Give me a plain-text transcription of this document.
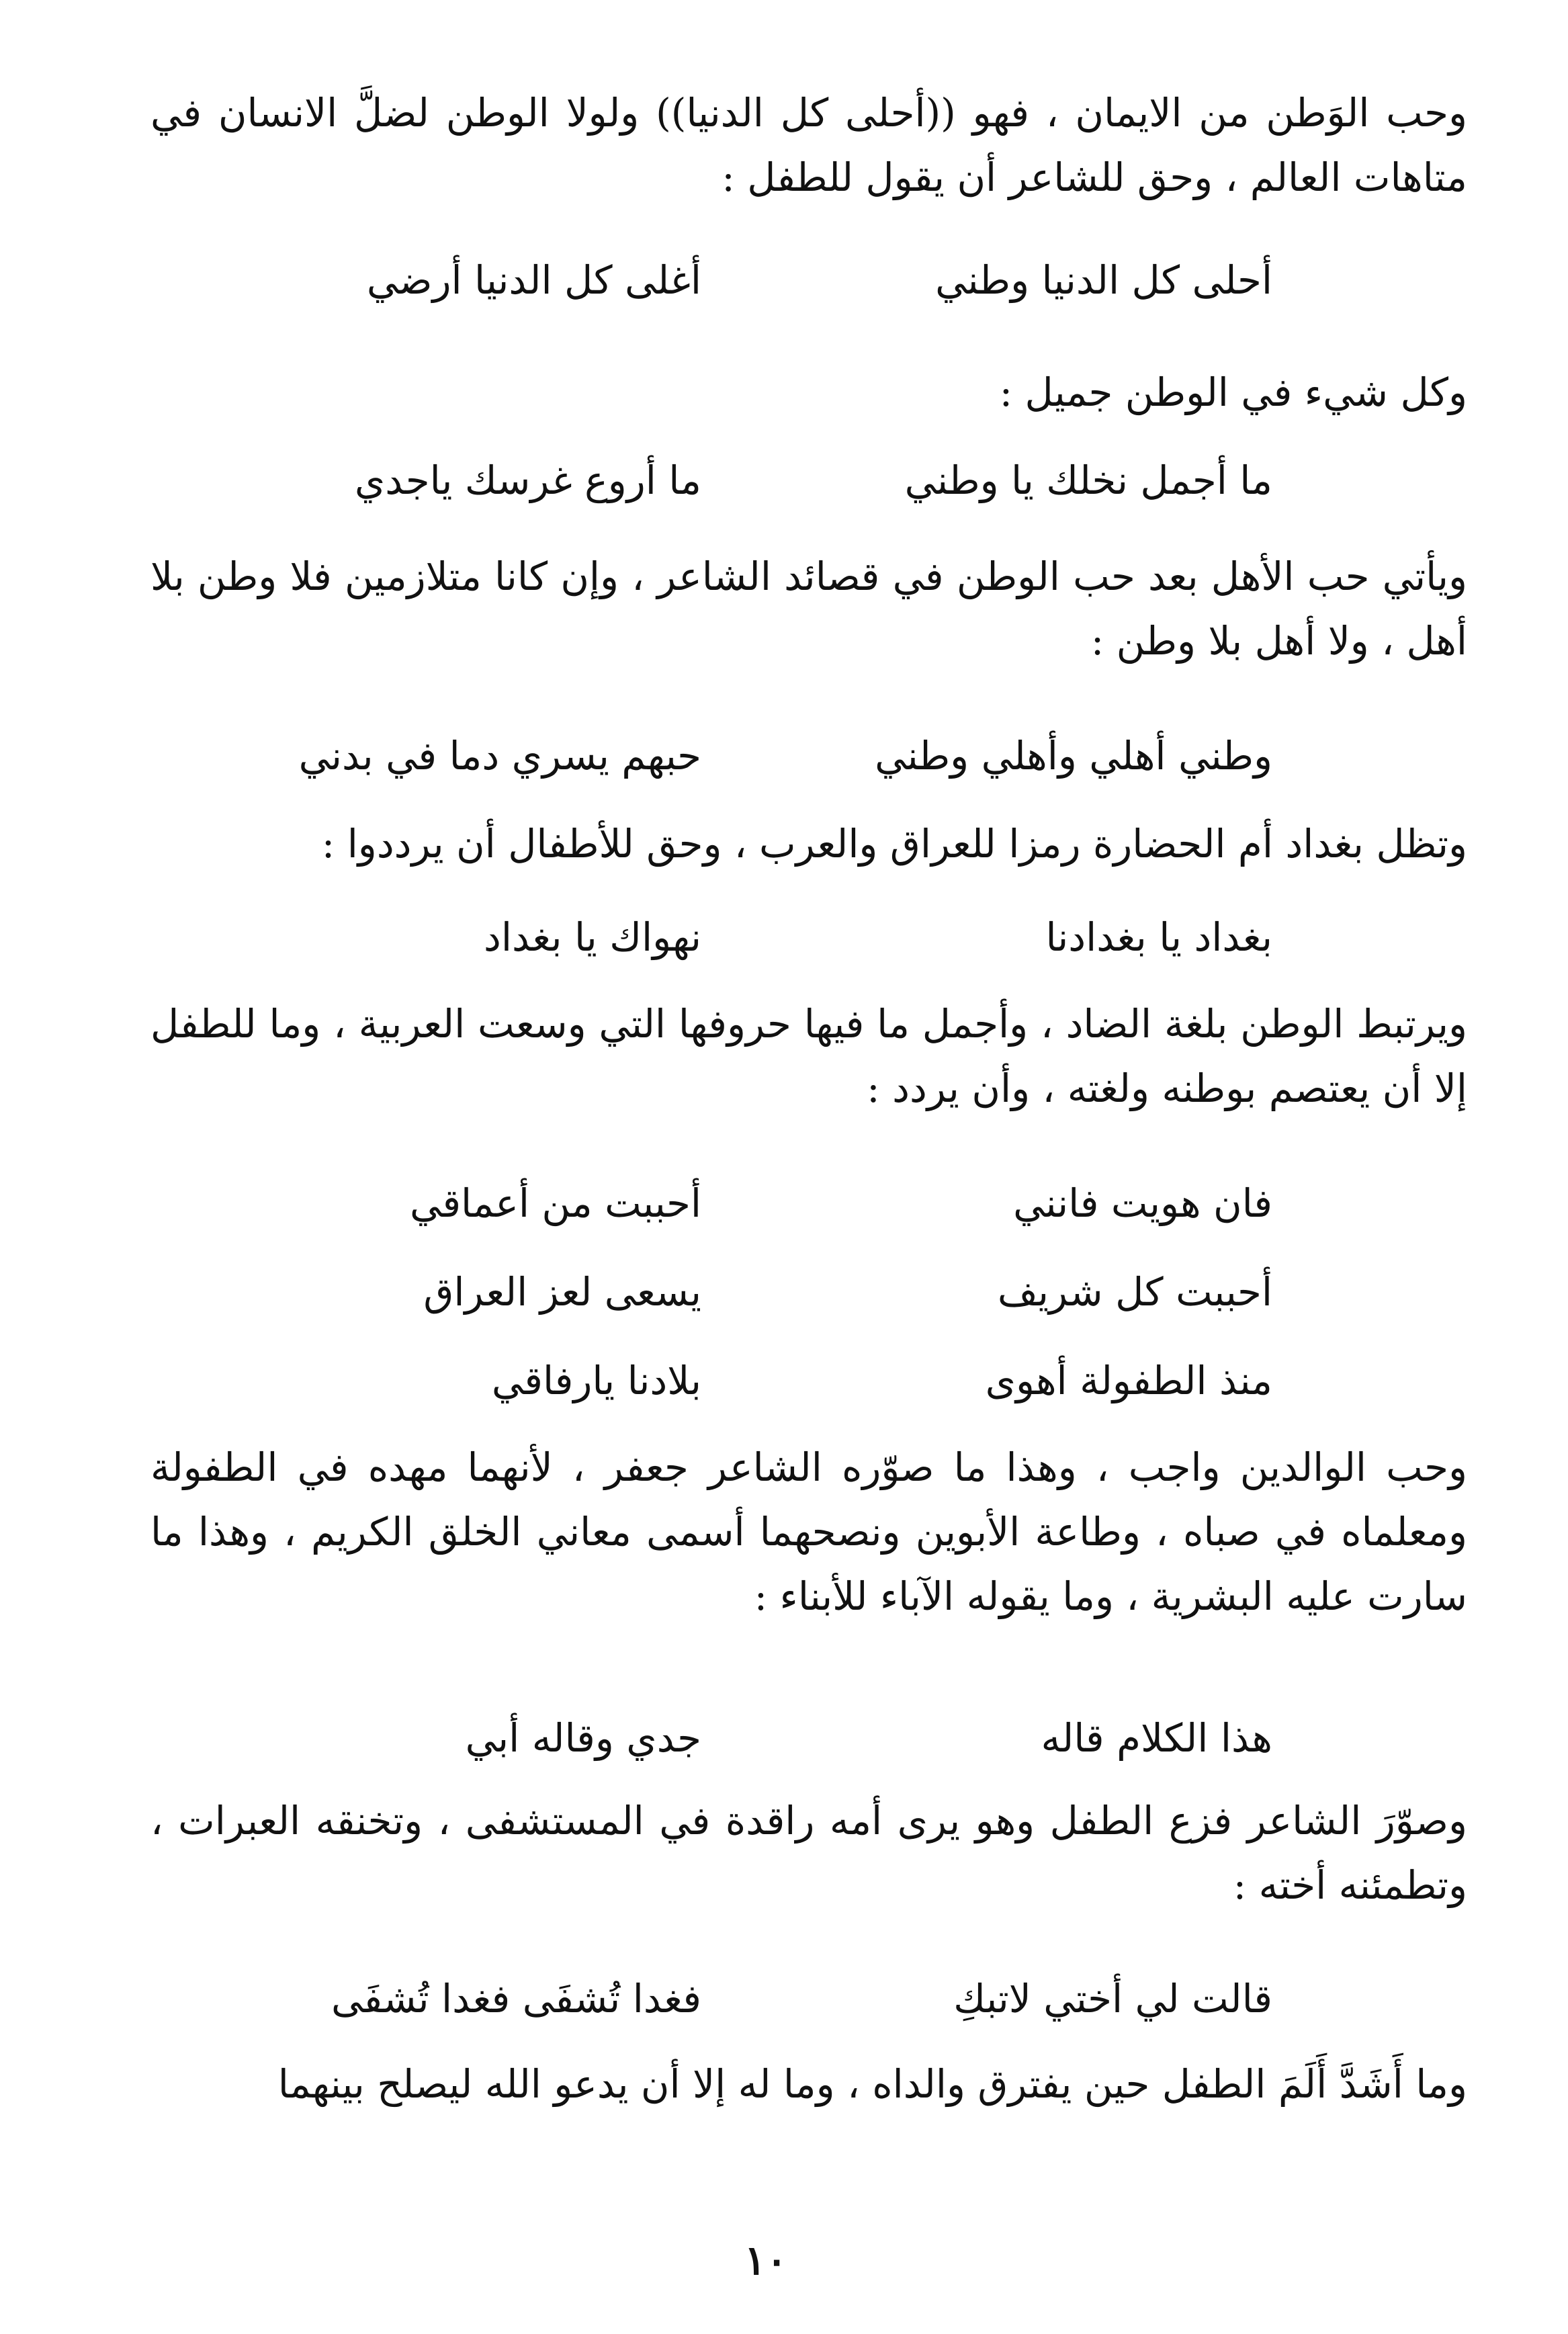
وحب الوَطن من الايمان ، فهو ((أحلى كل الدنيا)) ولولا الوطن لضلَّ الانسان في متاهات العالم ، وحق للشاعر أن يقول للطفل :
أحلى كل الدنيا وطني
أغلى كل الدنيا أرضي
وكل شيء في الوطن جميل :
ما أجمل نخلك يا وطني
ما أروع غرسك ياجدي
ويأتي حب الأهل بعد حب الوطن في قصائد الشاعر ، وإن كانا متلازمين فلا وطن بلا أهل ، ولا أهل بلا وطن :
وطني أهلي وأهلي وطني
حبهم يسري دما في بدني
وتظل بغداد أم الحضارة رمزا للعراق والعرب ، وحق للأطفال أن يرددوا :
بغداد يا بغدادنا
نهواك يا بغداد
ويرتبط الوطن بلغة الضاد ، وأجمل ما فيها حروفها التي وسعت العربية ، وما للطفل إلا أن يعتصم بوطنه ولغته ، وأن يردد :
فان هويت فانني
أحببت من أعماقي
أحببت كل شريف
يسعى لعز العراق
منذ الطفولة أهوى
بلادنا يارفاقي
وحب الوالدين واجب ، وهذا ما صوّره الشاعر جعفر ، لأنهما مهده في الطفولة ومعلماه في صباه ، وطاعة الأبوين ونصحهما أسمى معاني الخلق الكريم ، وهذا ما سارت عليه البشرية ، وما يقوله الآباء للأبناء :
هذا الكلام قاله
جدي وقاله أبي
وصوّرَ الشاعر فزع الطفل وهو يرى أمه راقدة في المستشفى ، وتخنقه العبرات ، وتطمئنه أخته :
قالت لي أختي لاتبكِ
فغدا تُشفَى فغدا تُشفَى
وما أَشَدَّ أَلَمَ الطفل حين يفترق والداه ، وما له إلا أن يدعو الله ليصلح بينهما
١٠
